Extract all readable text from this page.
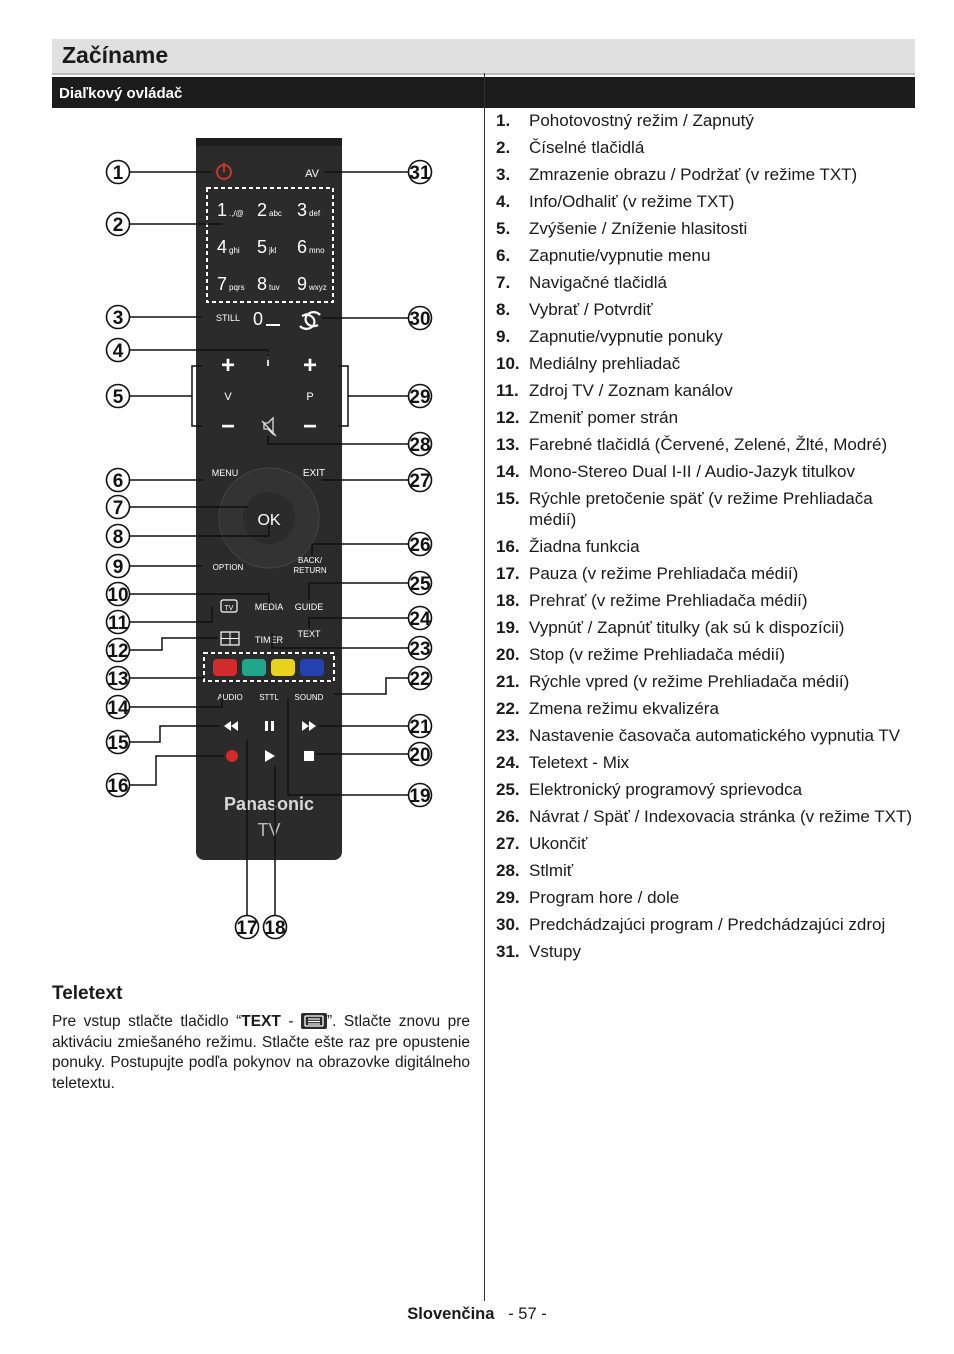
Začíname
Diaľkový ovládač
AV
1 .,/@ 2 abc 3 def
4 ghi 5 jkl 6 mno
7 pqrs 8 tuv 9 wxyz
STILL 0
i
+
V
−
+
P
−
MENU	EXIT
OK
OPTION
BACK/
RETURN
TV MEDIA GUIDE
TIMER
TEXT
AUDIO STTL SOUND
Panasonic
TV
1
2
3
4
5
6
7
8
9
10
11
12
13
14
15
16
31
30
29
28
27
26
25
24
23
22
21
20
19
17 18
1.	Pohotovostný režim / Zapnutý
2.	Číselné tlačidlá
3.	Zmrazenie obrazu / Podržať (v režime TXT)
4.	Info/Odhaliť (v režime TXT)
5.	Zvýšenie / Zníženie hlasitosti
6.	Zapnutie/vypnutie menu
7.	Navigačné tlačidlá
8.	Vybrať / Potvrdiť
9.	Zapnutie/vypnutie ponuky
10. Mediálny prehliadač
11. Zdroj TV / Zoznam kanálov
12. Zmeniť pomer strán
13. Farebné tlačidlá (Červené, Zelené, Žlté, Modré)
14. Mono-Stereo Dual I-II / Audio-Jazyk titulkov
15. Rýchle pretočenie späť (v režime Prehliadača médií)
16. Žiadna funkcia
17. Pauza (v režime Prehliadača médií)
18. Prehrať (v režime Prehliadača médií)
19. Vypnúť / Zapnúť titulky (ak sú k dispozícii)
20. Stop (v režime Prehliadača médií)
21. Rýchle vpred (v režime Prehliadača médií)
22. Zmena režimu ekvalizéra
23. Nastavenie časovača automatického vypnutia TV
24. Teletext - Mix
25. Elektronický programový sprievodca
26. Návrat / Späť / Indexovacia stránka (v režime TXT)
27. Ukončiť
28. Stlmiť
29. Program hore / dole
30. Predchádzajúci program / Predchádzajúci zdroj
31. Vstupy
Teletext

Pre vstup stlačte tlačidlo “TEXT - ”. Stlačte znovu pre aktiváciu zmiešaného režimu. Stlačte ešte raz pre opustenie ponuky. Postupujte podľa pokynov na obrazovke digitálneho teletextu.

Slovenčina - 57 -
